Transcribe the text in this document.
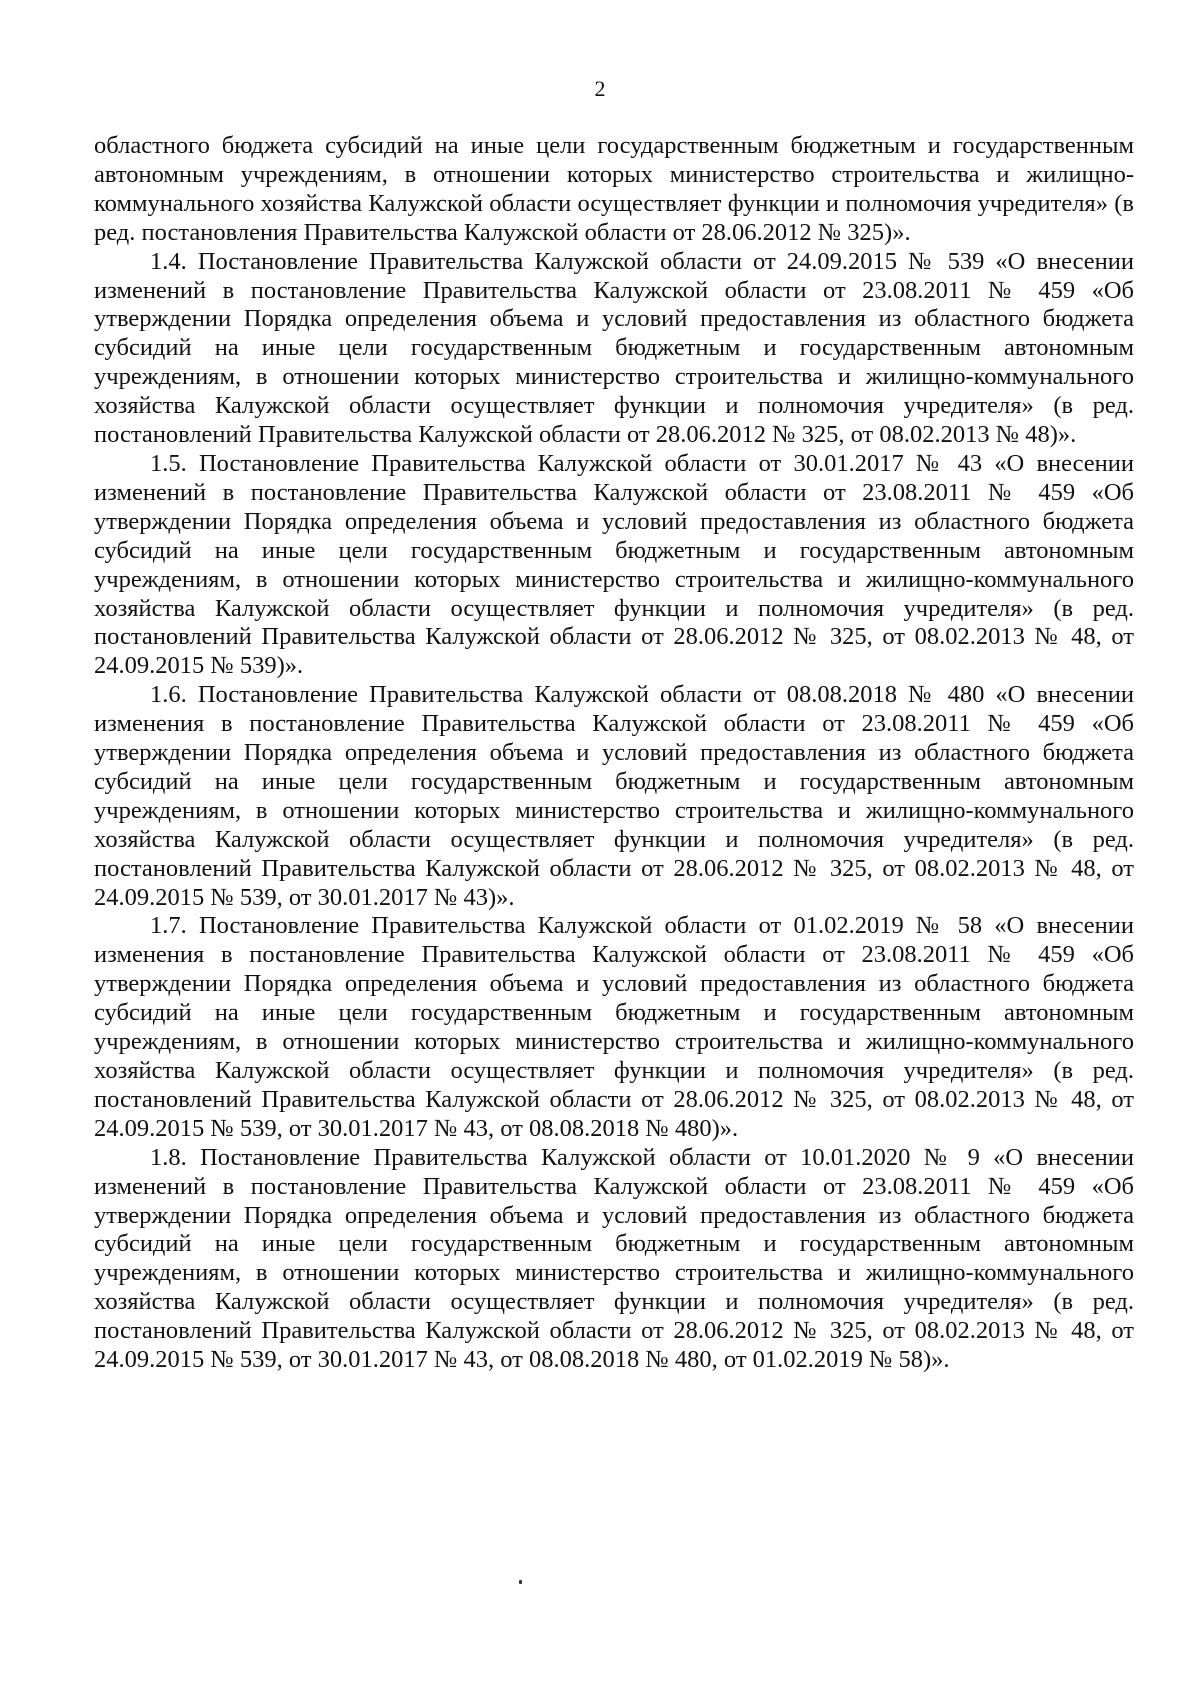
2

областного бюджета субсидий на иные цели государственным бюджетным и государственным автономным учреждениям, в отношении которых министерство строительства и жилищно-коммунального хозяйства Калужской области осуществляет функции и полномочия учредителя» (в ред. постановления Правительства Калужской области от 28.06.2012 № 325)».

1.4. Постановление Правительства Калужской области от 24.09.2015 № 539 «О внесении изменений в постановление Правительства Калужской области от 23.08.2011 № 459 «Об утверждении Порядка определения объема и условий предоставления из областного бюджета субсидий на иные цели государственным бюджетным и государственным автономным учреждениям, в отношении которых министерство строительства и жилищно-коммунального хозяйства Калужской области осуществляет функции и полномочия учредителя» (в ред. постановлений Правительства Калужской области от 28.06.2012 № 325, от 08.02.2013 № 48)».

1.5. Постановление Правительства Калужской области от 30.01.2017 № 43 «О внесении изменений в постановление Правительства Калужской области от 23.08.2011 № 459 «Об утверждении Порядка определения объема и условий предоставления из областного бюджета субсидий на иные цели государственным бюджетным и государственным автономным учреждениям, в отношении которых министерство строительства и жилищно-коммунального хозяйства Калужской области осуществляет функции и полномочия учредителя» (в ред. постановлений Правительства Калужской области от 28.06.2012 № 325, от 08.02.2013 № 48, от 24.09.2015 № 539)».

1.6. Постановление Правительства Калужской области от 08.08.2018 № 480 «О внесении изменения в постановление Правительства Калужской области от 23.08.2011 № 459 «Об утверждении Порядка определения объема и условий предоставления из областного бюджета субсидий на иные цели государственным бюджетным и государственным автономным учреждениям, в отношении которых министерство строительства и жилищно-коммунального хозяйства Калужской области осуществляет функции и полномочия учредителя» (в ред. постановлений Правительства Калужской области от 28.06.2012 № 325, от 08.02.2013 № 48, от 24.09.2015 № 539, от 30.01.2017 № 43)».

1.7. Постановление Правительства Калужской области от 01.02.2019 № 58 «О внесении изменения в постановление Правительства Калужской области от 23.08.2011 № 459 «Об утверждении Порядка определения объема и условий предоставления из областного бюджета субсидий на иные цели государственным бюджетным и государственным автономным учреждениям, в отношении которых министерство строительства и жилищно-коммунального хозяйства Калужской области осуществляет функции и полномочия учредителя» (в ред. постановлений Правительства Калужской области от 28.06.2012 № 325, от 08.02.2013 № 48, от 24.09.2015 № 539, от 30.01.2017 № 43, от 08.08.2018 № 480)».

1.8. Постановление Правительства Калужской области от 10.01.2020 № 9 «О внесении изменений в постановление Правительства Калужской области от 23.08.2011 № 459 «Об утверждении Порядка определения объема и условий предоставления из областного бюджета субсидий на иные цели государственным бюджетным и государственным автономным учреждениям, в отношении которых министерство строительства и жилищно-коммунального хозяйства Калужской области осуществляет функции и полномочия учредителя» (в ред. постановлений Правительства Калужской области от 28.06.2012 № 325, от 08.02.2013 № 48, от 24.09.2015 № 539, от 30.01.2017 № 43, от 08.08.2018 № 480, от 01.02.2019 № 58)».
